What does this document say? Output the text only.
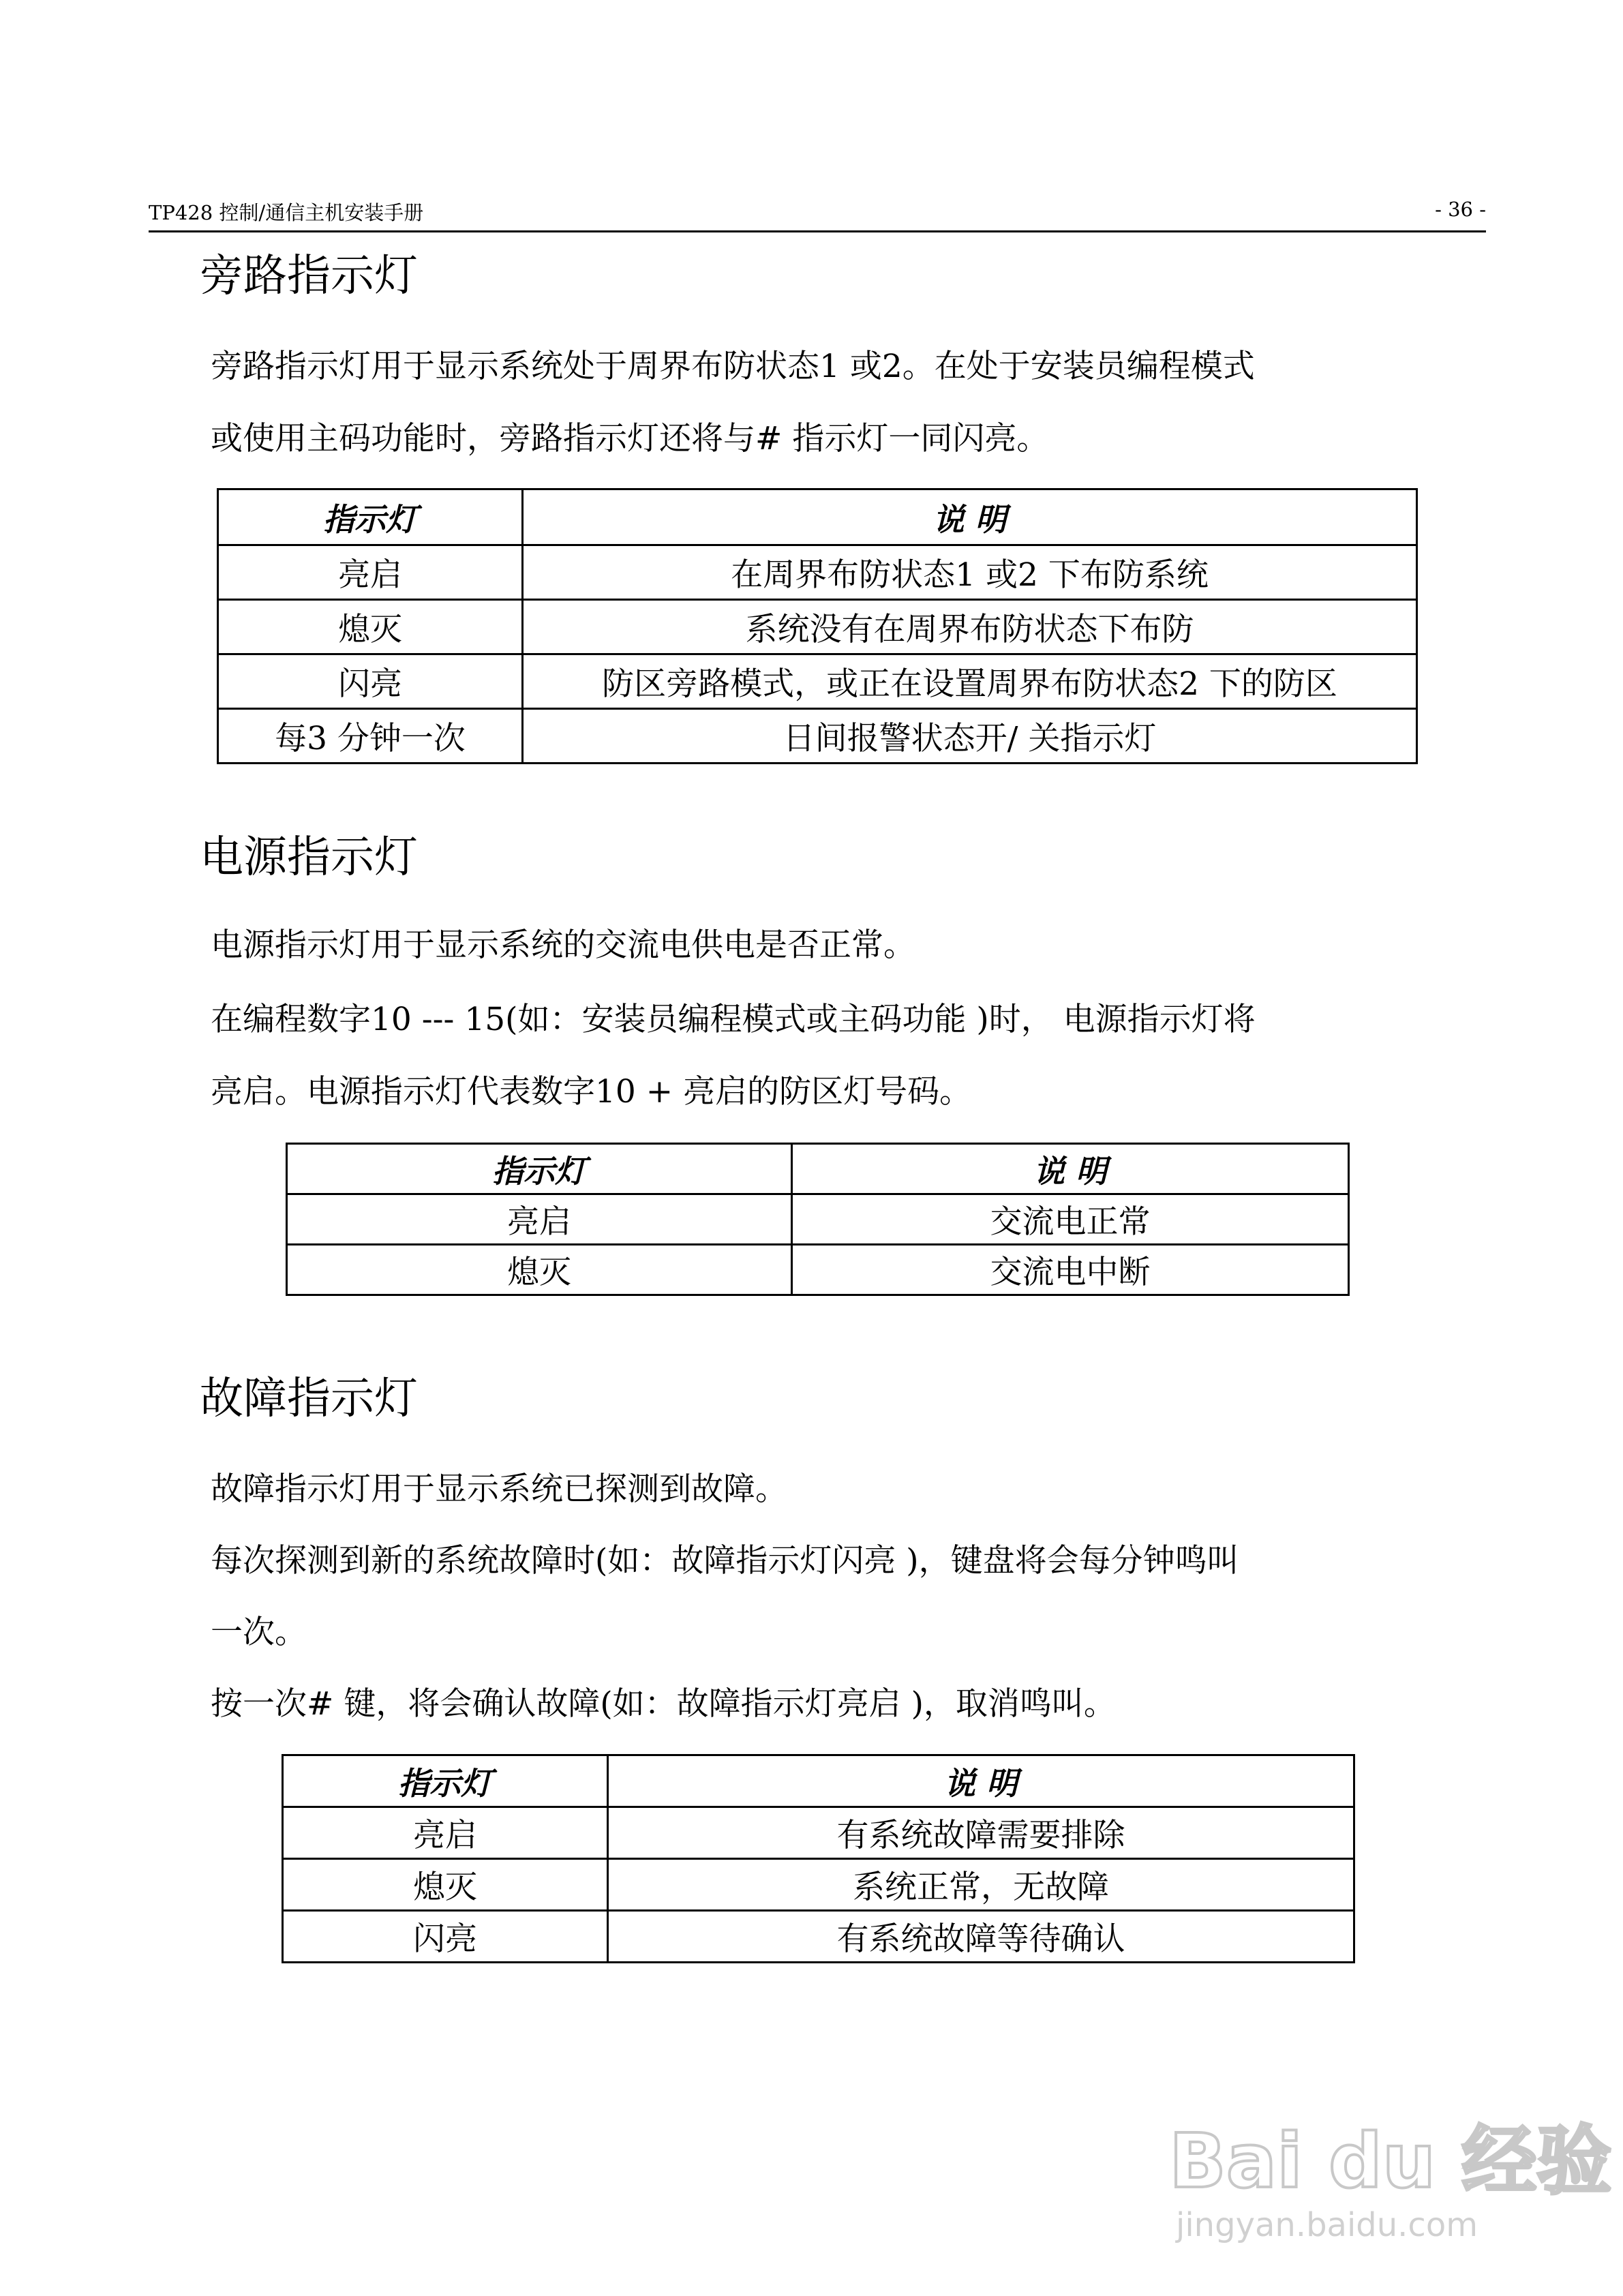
TP428 控制/通信主机安装手册	- 36 -
旁路指示灯
旁路指示灯用于显示系统处于周界布防状态1 或2。在处于安装员编程模式
或使用主码功能时，旁路指示灯还将与# 指示灯一同闪亮。
指示灯	说 明
亮启	在周界布防状态1 或2 下布防系统
熄灭	系统没有在周界布防状态下布防
闪亮	防区旁路模式，或正在设置周界布防状态2 下的防区
每3 分钟一次	日间报警状态开/ 关指示灯
电源指示灯
电源指示灯用于显示系统的交流电供电是否正常。
在编程数字10 --- 15(如：安装员编程模式或主码功能 )时， 电源指示灯将
亮启。电源指示灯代表数字10 + 亮启的防区灯号码。
指示灯	说 明
亮启	交流电正常
熄灭	交流电中断
故障指示灯
故障指示灯用于显示系统已探测到故障。
每次探测到新的系统故障时(如：故障指示灯闪亮 )，键盘将会每分钟鸣叫
一次。
按一次# 键，将会确认故障(如：故障指示灯亮启 )，取消鸣叫。
指示灯	说 明
亮启	有系统故障需要排除
熄灭	系统正常，无故障
闪亮	有系统故障等待确认
Bai du 经验
jingyan.baidu.com
